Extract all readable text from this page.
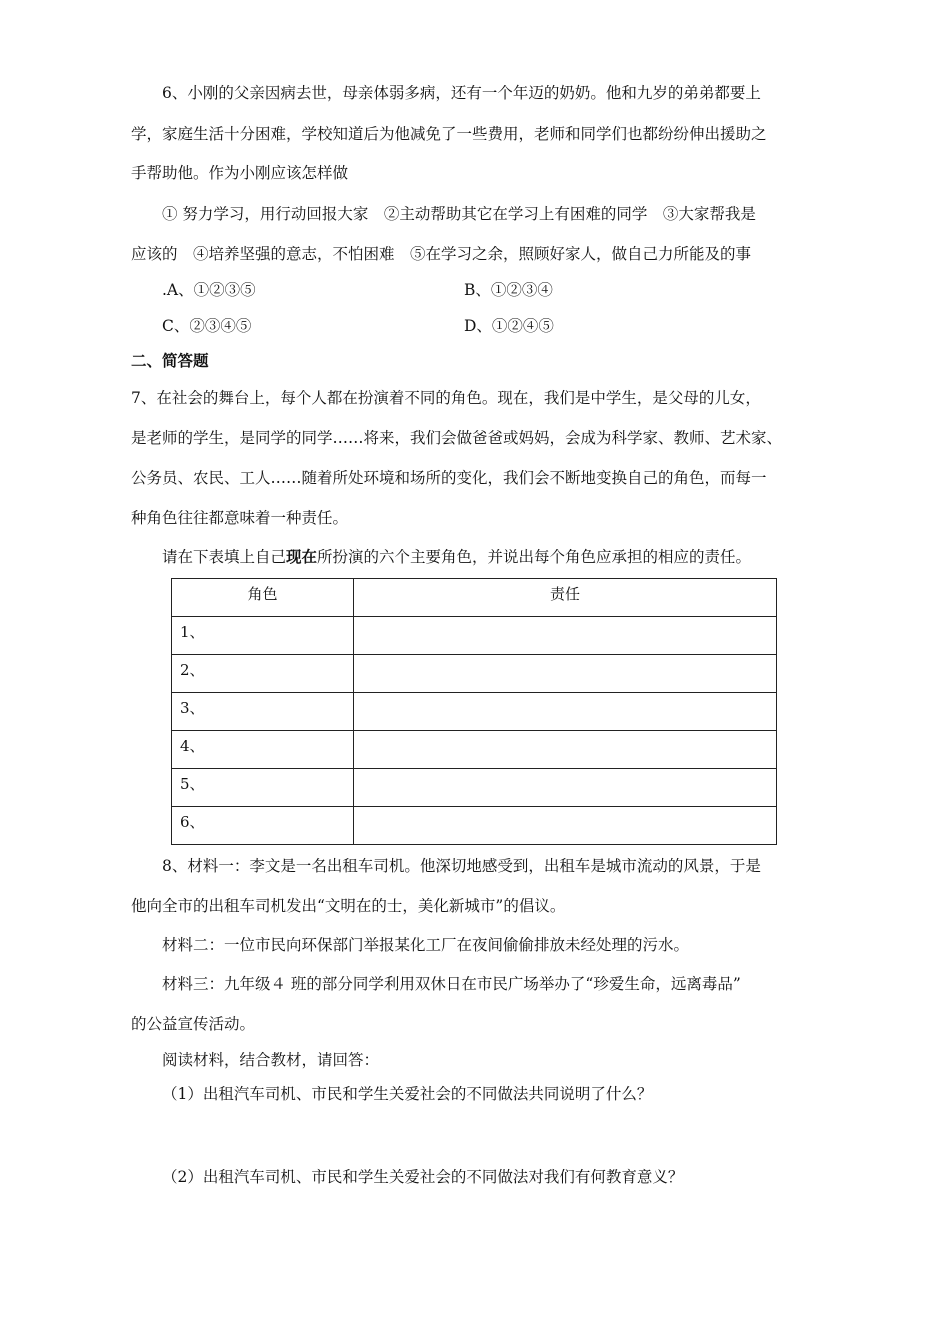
6、小刚的父亲因病去世，母亲体弱多病，还有一个年迈的奶奶。他和九岁的弟弟都要上
学，家庭生活十分困难，学校知道后为他减免了一些费用，老师和同学们也都纷纷伸出援助之
手帮助他。作为小刚应该怎样做
① 努力学习，用行动回报大家　②主动帮助其它在学习上有困难的同学　③大家帮我是
应该的　④培养坚强的意志，不怕困难　⑤在学习之余，照顾好家人，做自己力所能及的事
.A、①②③⑤	B、①②③④
C、②③④⑤	D、①②④⑤
二、简答题
7、在社会的舞台上，每个人都在扮演着不同的角色。现在，我们是中学生，是父母的儿女，
是老师的学生，是同学的同学……将来，我们会做爸爸或妈妈，会成为科学家、教师、艺术家、
公务员、农民、工人……随着所处环境和场所的变化，我们会不断地变换自己的角色，而每一
种角色往往都意味着一种责任。
请在下表填上自己现在所扮演的六个主要角色，并说出每个角色应承担的相应的责任。
角色	责任
1、	
2、	
3、	
4、	
5、	
6、	
8、材料一：李文是一名出租车司机。他深切地感受到，出租车是城市流动的风景，于是
他向全市的出租车司机发出“文明在的士，美化新城市”的倡议。
材料二：一位市民向环保部门举报某化工厂在夜间偷偷排放未经处理的污水。
材料三：九年级４ 班的部分同学利用双休日在市民广场举办了“珍爱生命，远离毒品”
的公益宣传活动。
阅读材料，结合教材，请回答：
（1）出租汽车司机、市民和学生关爱社会的不同做法共同说明了什么？
（2）出租汽车司机、市民和学生关爱社会的不同做法对我们有何教育意义？
